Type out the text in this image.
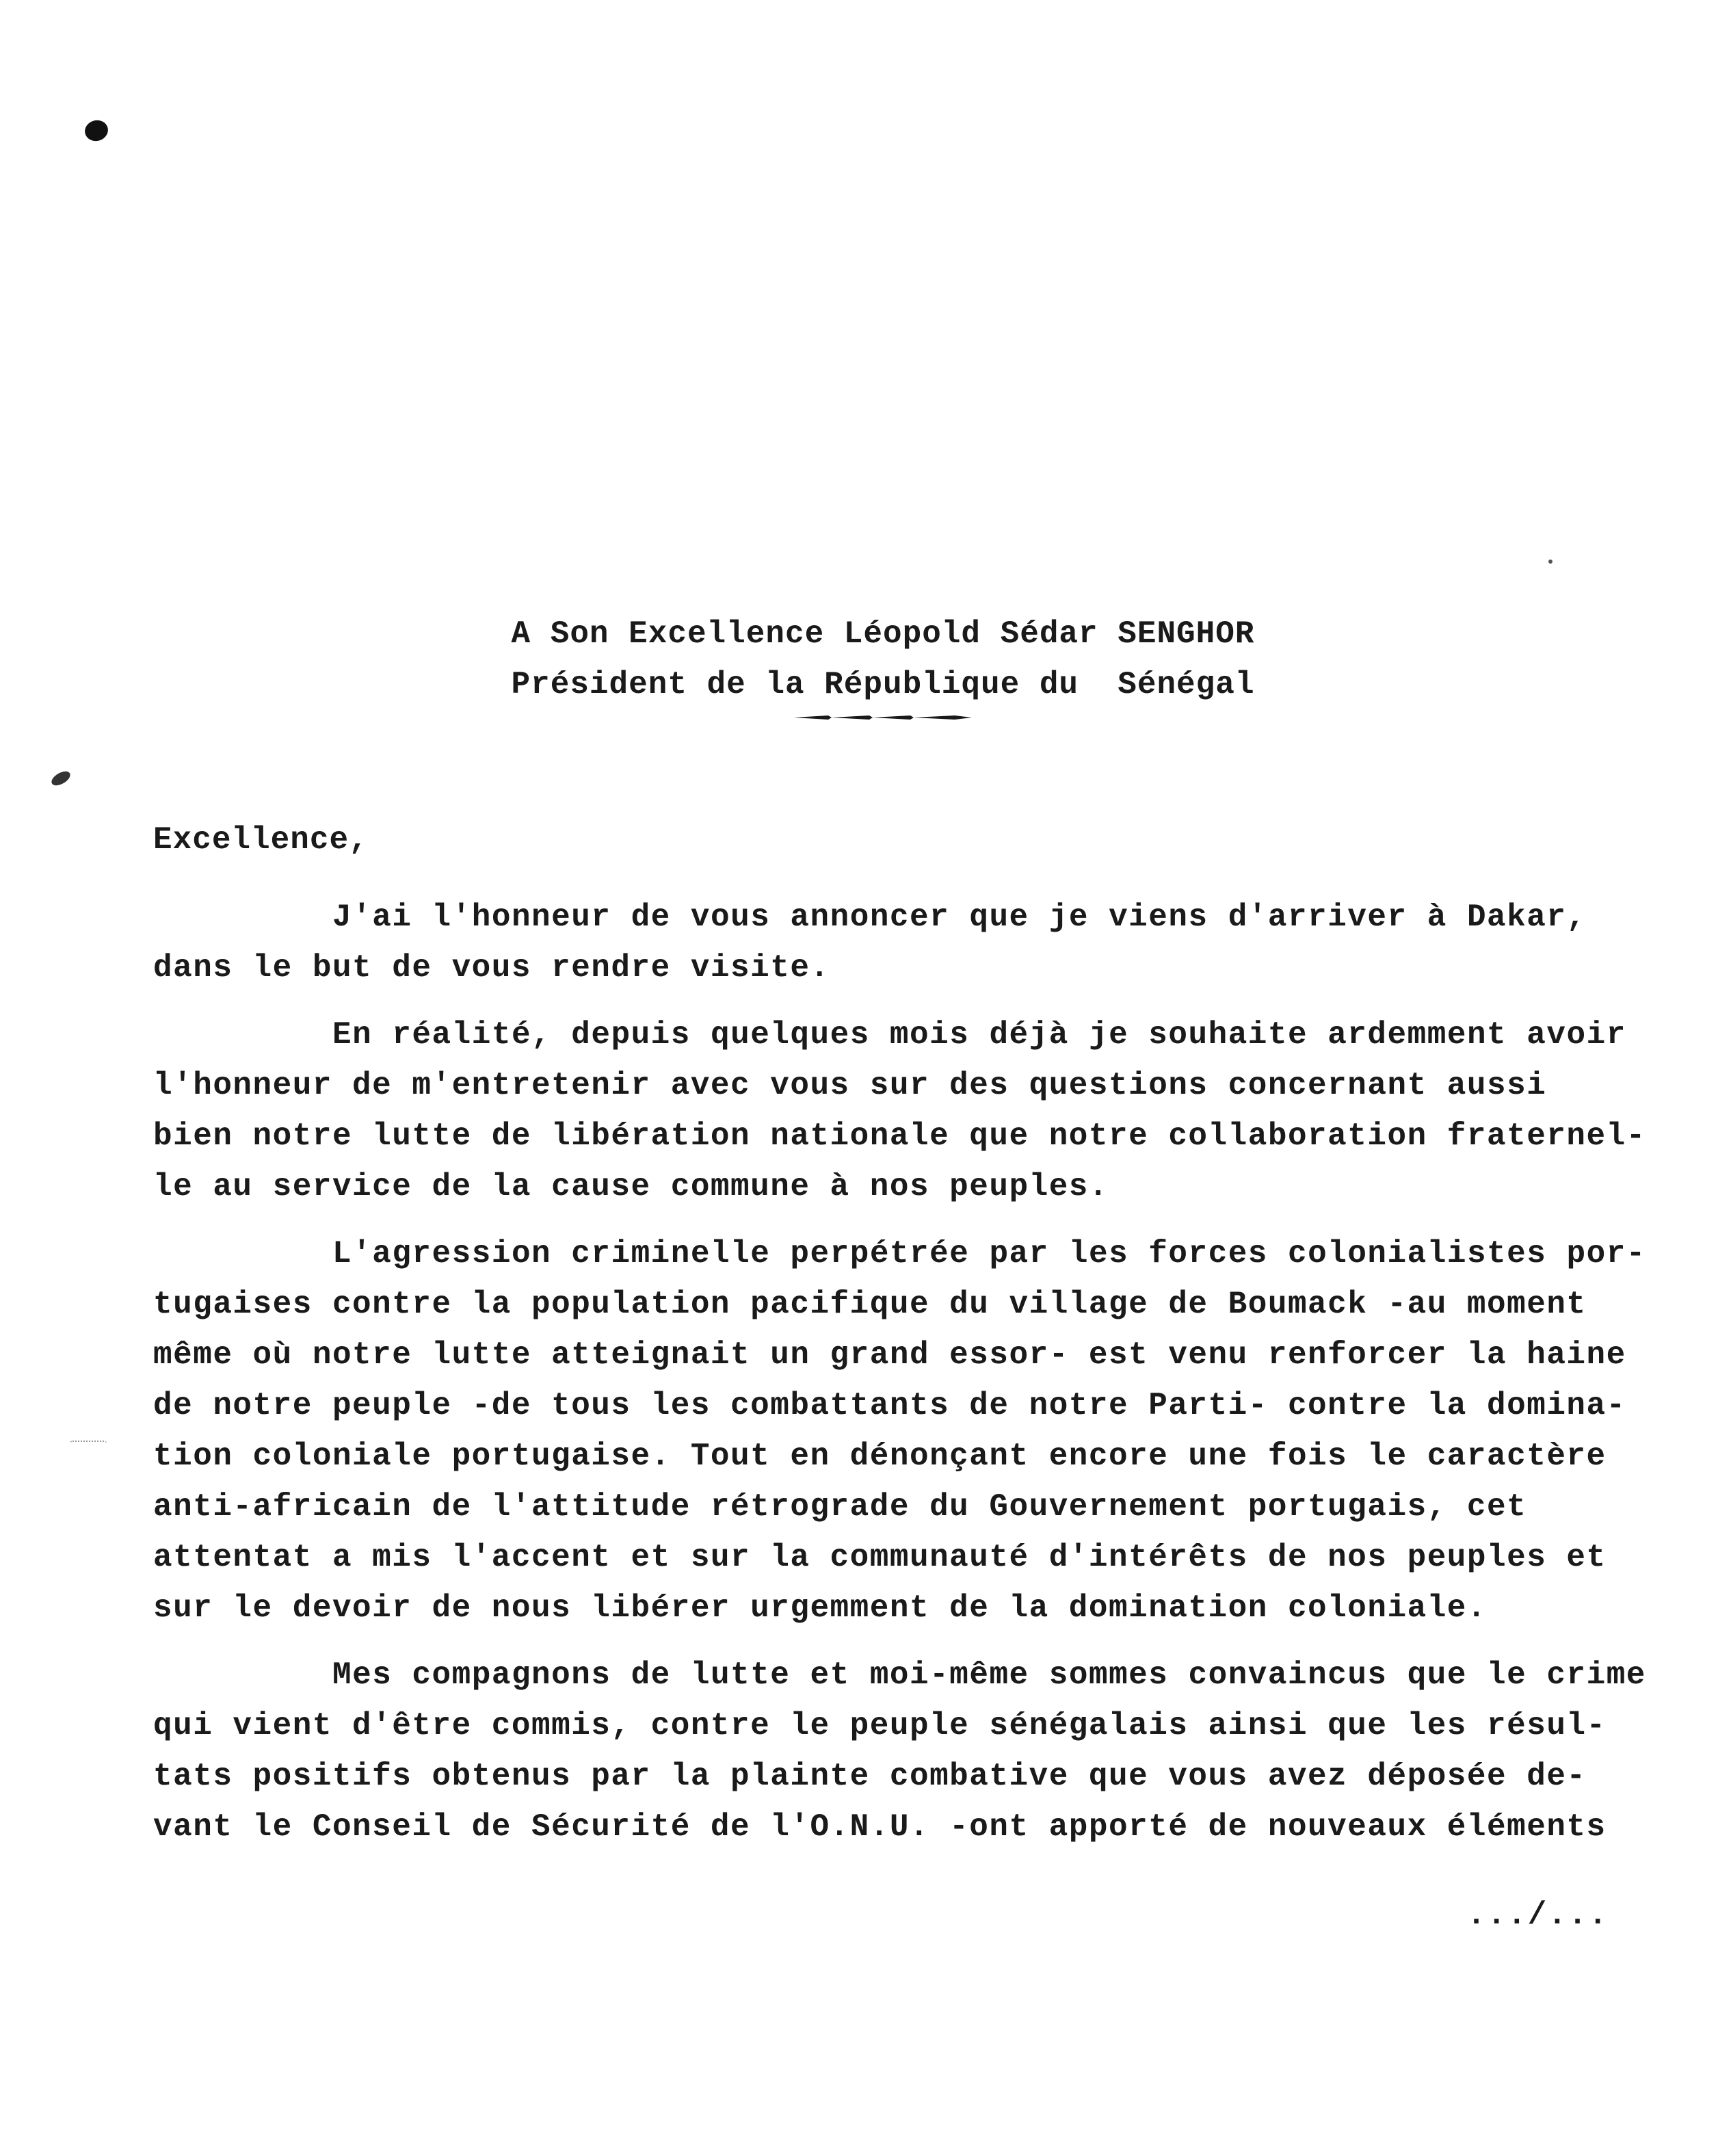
A Son Excellence Léopold Sédar SENGHOR
Président de la République du  Sénégal
Excellence,
J'ai l'honneur de vous annoncer que je viens d'arriver à Dakar,
dans le but de vous rendre visite.
En réalité, depuis quelques mois déjà je souhaite ardemment avoir
l'honneur de m'entretenir avec vous sur des questions concernant aussi
bien notre lutte de libération nationale que notre collaboration fraternel-
le au service de la cause commune à nos peuples.
L'agression criminelle perpétrée par les forces colonialistes por-
tugaises contre la population pacifique du village de Boumack -au moment
même où notre lutte atteignait un grand essor- est venu renforcer la haine
de notre peuple -de tous les combattants de notre Parti- contre la domina-
tion coloniale portugaise. Tout en dénonçant encore une fois le caractère
anti-africain de l'attitude rétrograde du Gouvernement portugais, cet
attentat a mis l'accent et sur la communauté d'intérêts de nos peuples et
sur le devoir de nous libérer urgemment de la domination coloniale.
Mes compagnons de lutte et moi-même sommes convaincus que le crime
qui vient d'être commis, contre le peuple sénégalais ainsi que les résul-
tats positifs obtenus par la plainte combative que vous avez déposée de-
vant le Conseil de Sécurité de l'O.N.U. -ont apporté de nouveaux éléments
.../...
